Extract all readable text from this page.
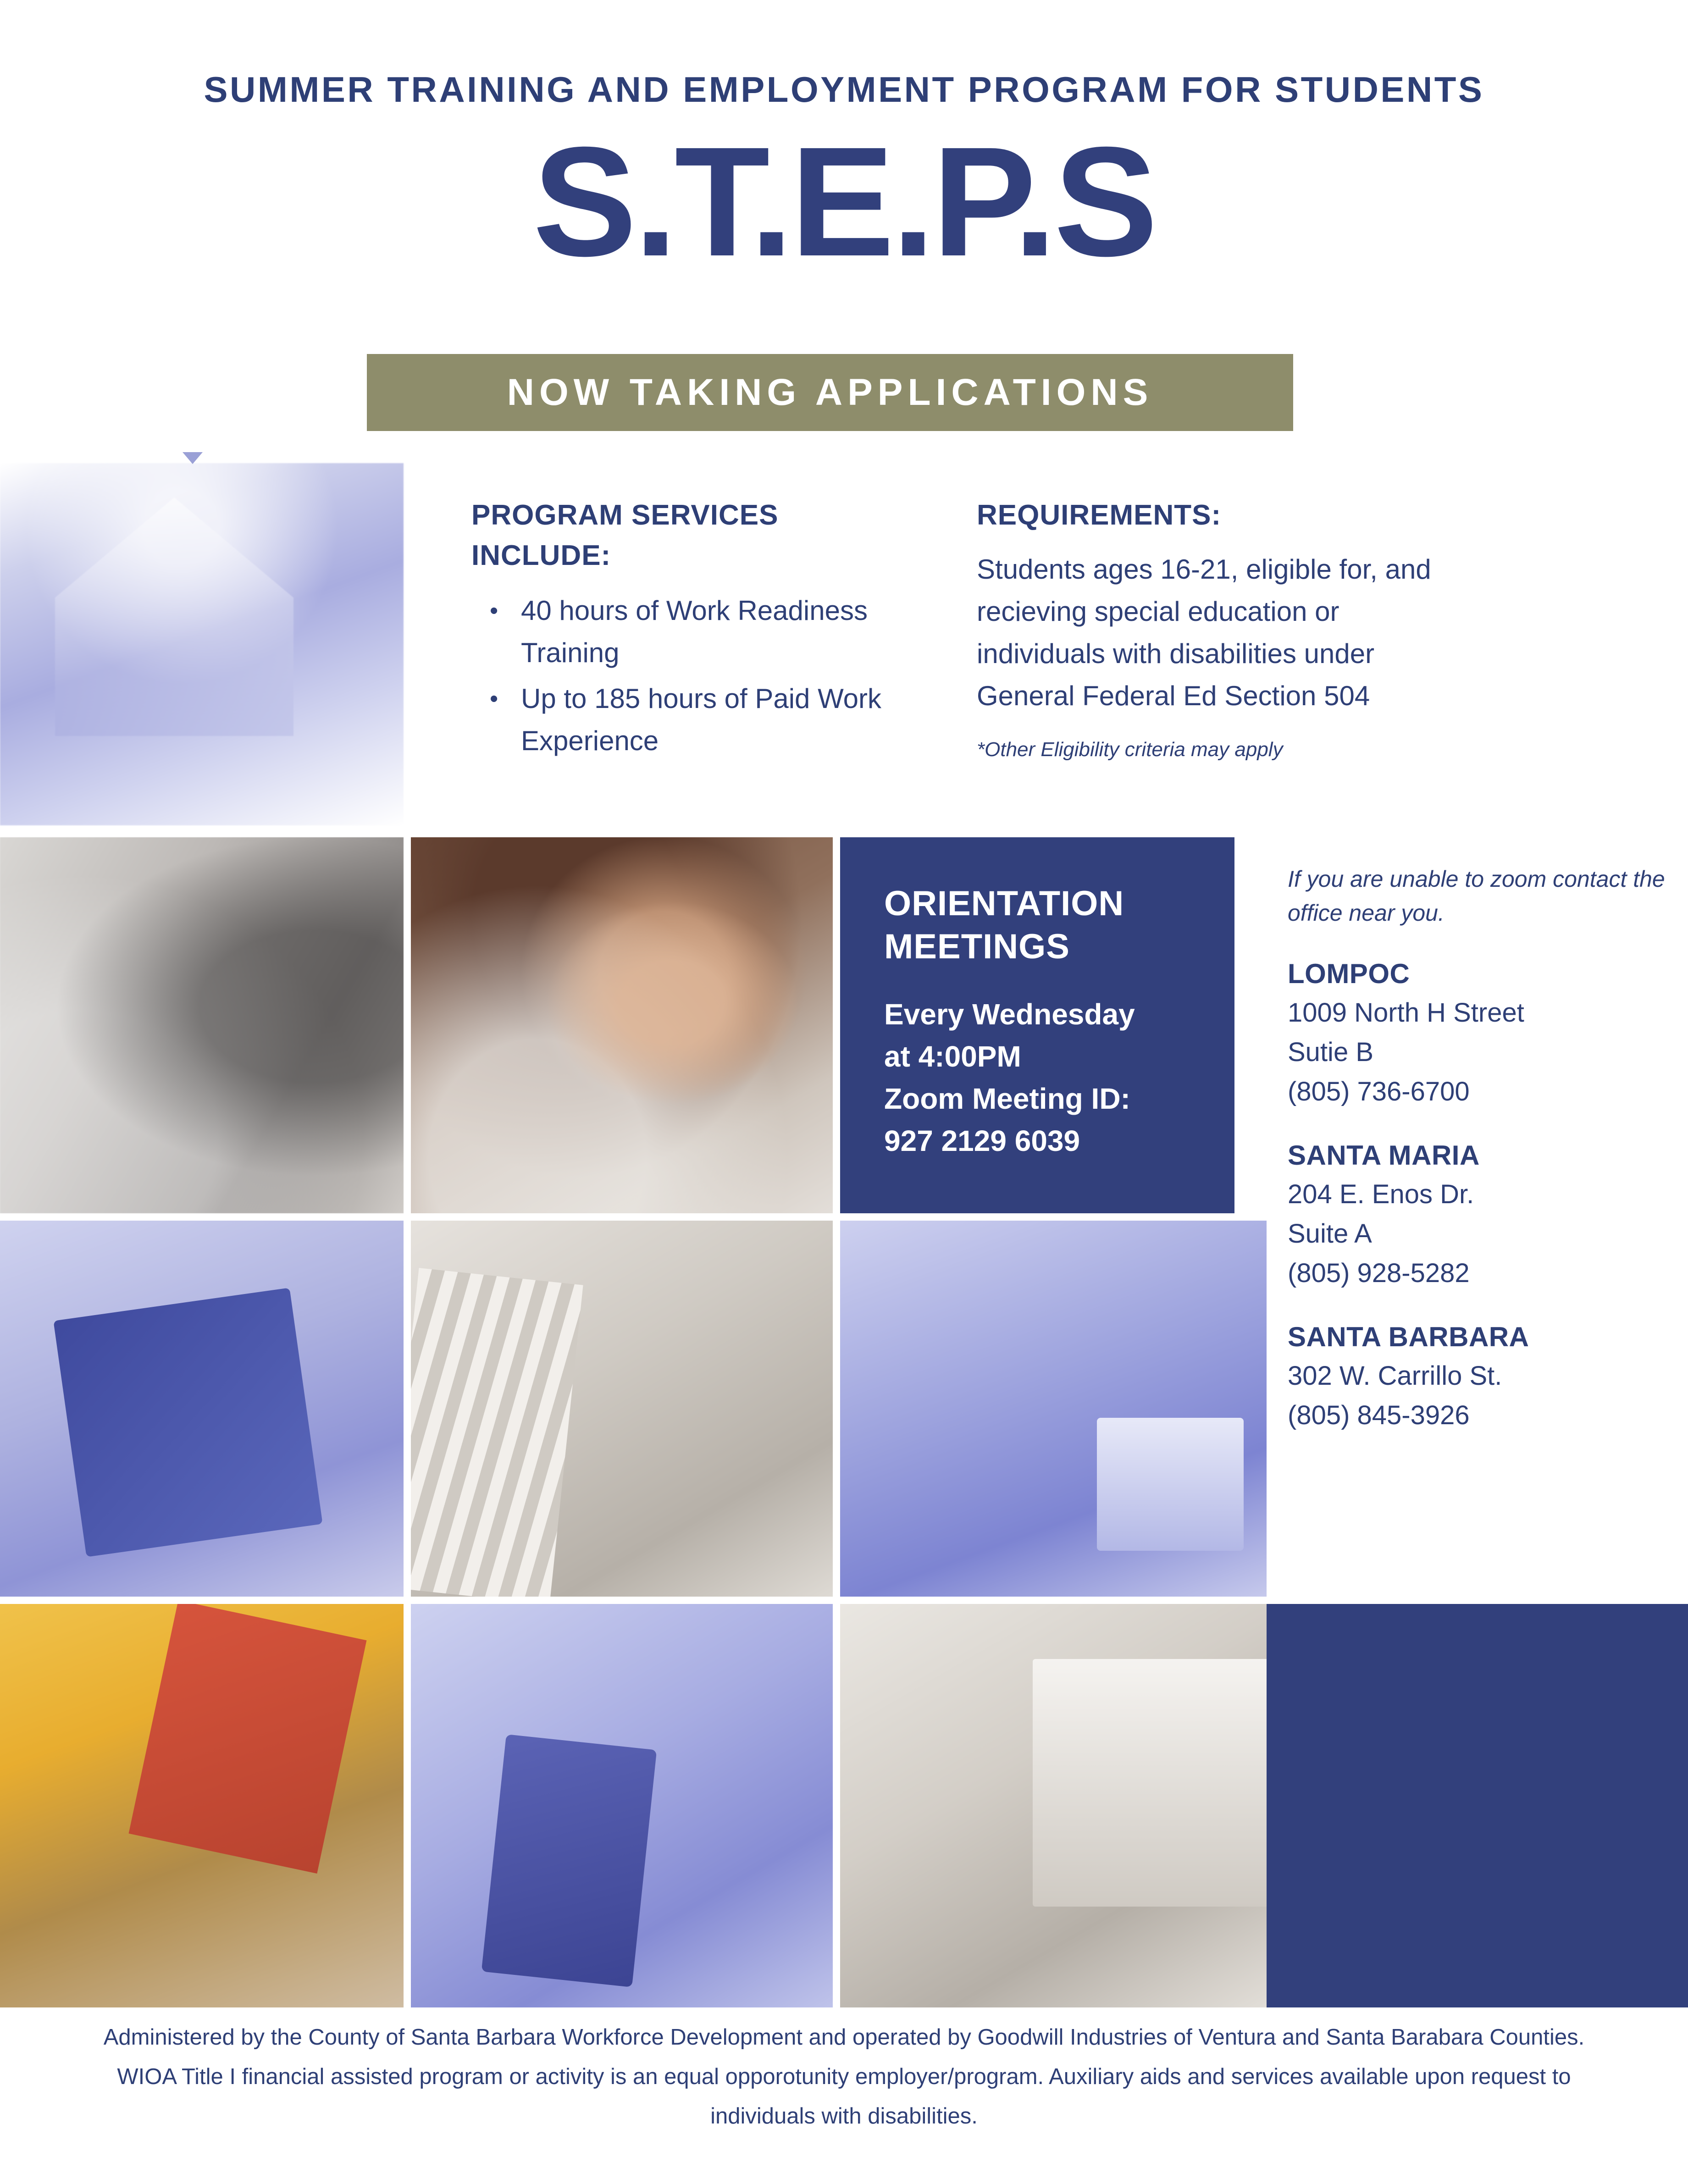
SUMMER TRAINING AND EMPLOYMENT PROGRAM FOR STUDENTS
S.T.E.P.S
NOW TAKING APPLICATIONS
PROGRAM SERVICES
INCLUDE:
• 40 hours of Work Readiness Training
• Up to 185 hours of Paid Work Experience
REQUIREMENTS:
Students ages 16-21, eligible for, and recieving special education or individuals with disabilities under General Federal Ed Section 504
*Other Eligibility criteria may apply
ORIENTATION
MEETINGS
Every Wednesday
at 4:00PM
Zoom Meeting ID:
927 2129 6039
If you are unable to zoom contact the office near you.
LOMPOC
1009 North H Street
Sutie B
(805) 736-6700
SANTA MARIA
204 E. Enos Dr.
Suite A
(805) 928-5282
SANTA BARBARA
302 W. Carrillo St.
(805) 845-3926

Administered by the County of Santa Barbara Workforce Development and operated by Goodwill Industries of Ventura and Santa Barabara Counties. WIOA Title I financial assisted program or activity is an equal opporotunity employer/program. Auxiliary aids and services available upon request to individuals with disabilities.
